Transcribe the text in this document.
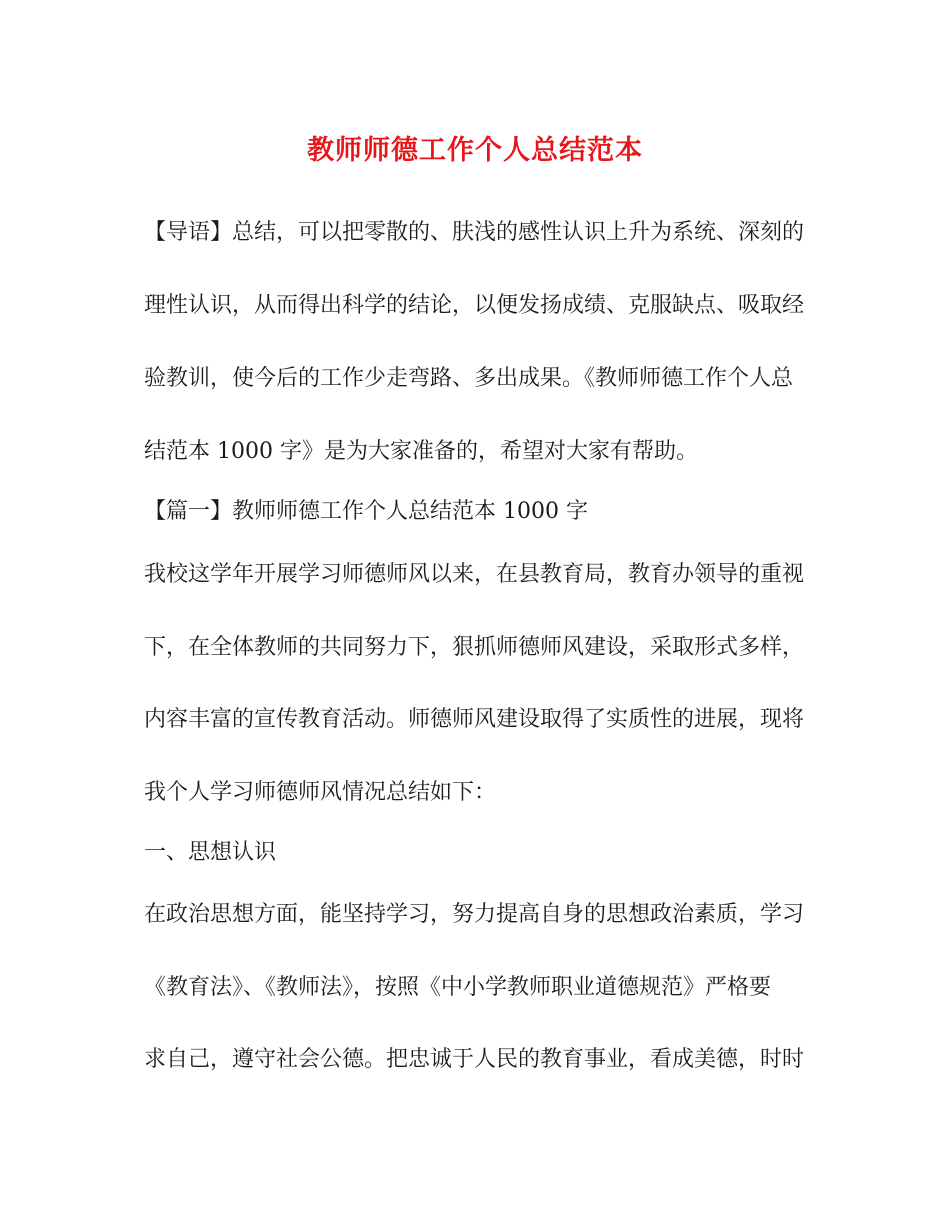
教师师德工作个人总结范本
【导语】总结，可以把零散的、肤浅的感性认识上升为系统、深刻的
理性认识，从而得出科学的结论，以便发扬成绩、克服缺点、吸取经
验教训，使今后的工作少走弯路、多出成果。《教师师德工作个人总
结范本 1000 字》是为大家准备的，希望对大家有帮助。
【篇一】教师师德工作个人总结范本 1000 字
我校这学年开展学习师德师风以来，在县教育局，教育办领导的重视
下，在全体教师的共同努力下，狠抓师德师风建设，采取形式多样，
内容丰富的宣传教育活动。师德师风建设取得了实质性的进展，现将
我个人学习师德师风情况总结如下：
一、思想认识
在政治思想方面，能坚持学习，努力提高自身的思想政治素质，学习
《教育法》、《教师法》，按照《中小学教师职业道德规范》严格要
求自己，遵守社会公德。把忠诚于人民的教育事业，看成美德，时时
